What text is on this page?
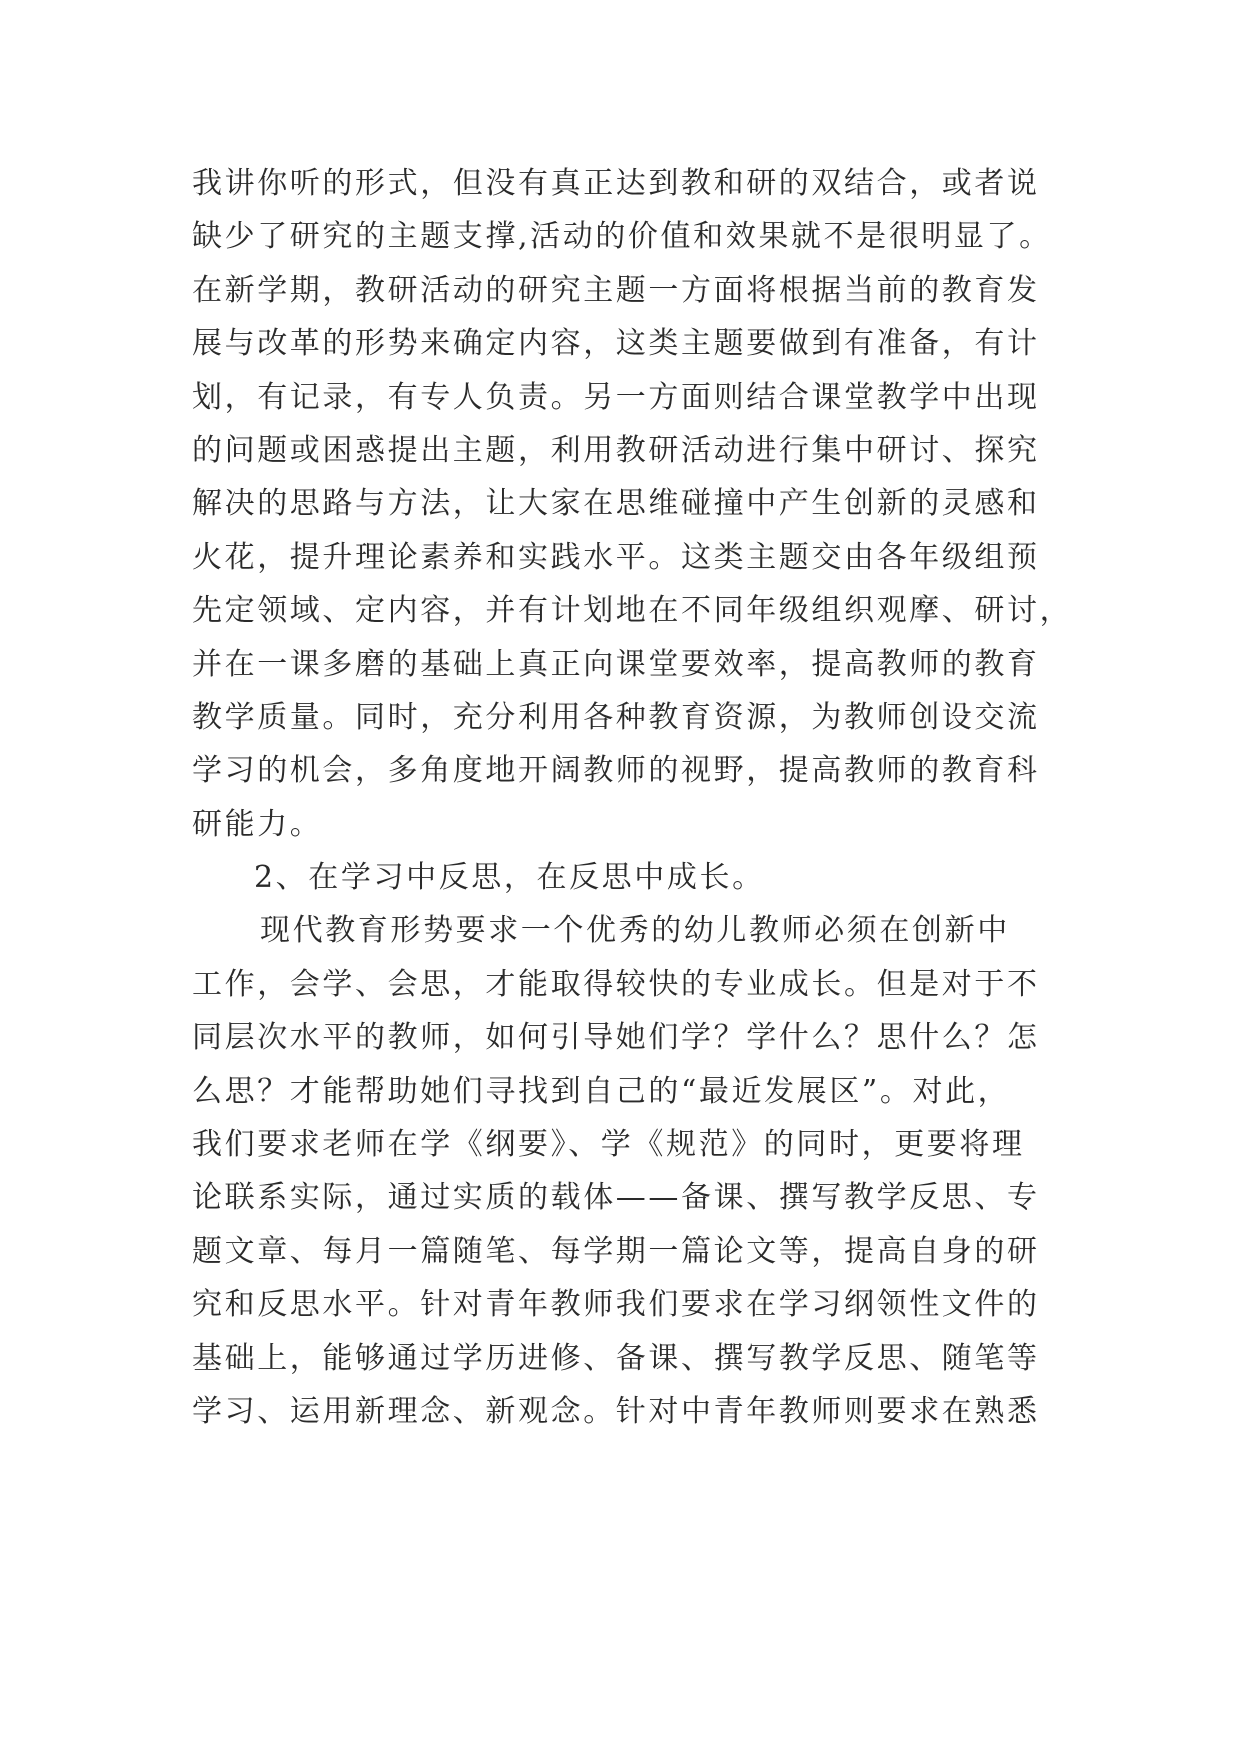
我讲你听的形式，但没有真正达到教和研的双结合，或者说
缺少了研究的主题支撑,活动的价值和效果就不是很明显了。
在新学期，教研活动的研究主题一方面将根据当前的教育发
展与改革的形势来确定内容，这类主题要做到有准备，有计
划，有记录，有专人负责。另一方面则结合课堂教学中出现
的问题或困惑提出主题，利用教研活动进行集中研讨、探究
解决的思路与方法，让大家在思维碰撞中产生创新的灵感和
火花，提升理论素养和实践水平。这类主题交由各年级组预
先定领域、定内容，并有计划地在不同年级组织观摩、研讨，
并在一课多磨的基础上真正向课堂要效率，提高教师的教育
教学质量。同时，充分利用各种教育资源，为教师创设交流
学习的机会，多角度地开阔教师的视野，提高教师的教育科
研能力。
2、在学习中反思，在反思中成长。
现代教育形势要求一个优秀的幼儿教师必须在创新中
工作，会学、会思，才能取得较快的专业成长。但是对于不
同层次水平的教师，如何引导她们学？学什么？思什么？怎
么思？才能帮助她们寻找到自己的“最近发展区”。对此，
我们要求老师在学《纲要》、学《规范》的同时，更要将理
论联系实际，通过实质的载体——备课、撰写教学反思、专
题文章、每月一篇随笔、每学期一篇论文等，提高自身的研
究和反思水平。针对青年教师我们要求在学习纲领性文件的
基础上，能够通过学历进修、备课、撰写教学反思、随笔等
学习、运用新理念、新观念。针对中青年教师则要求在熟悉
